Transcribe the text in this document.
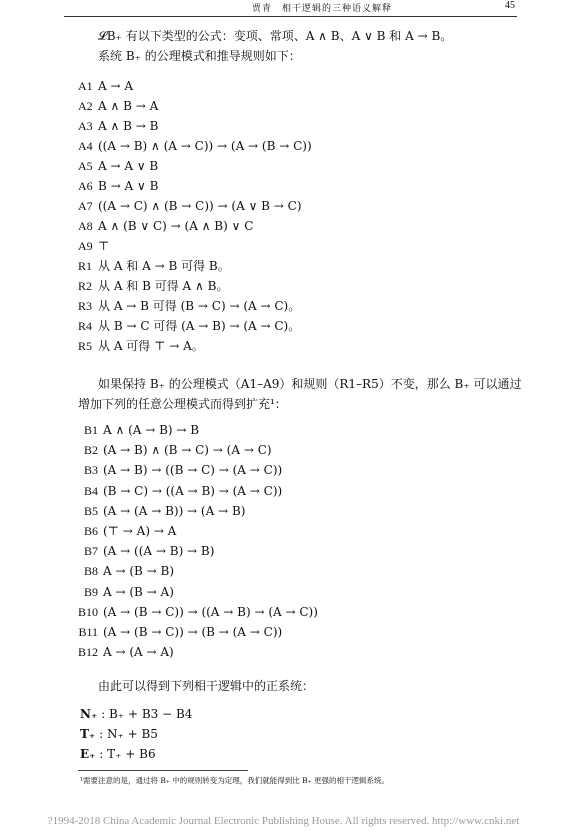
贾青　相干逻辑的三种语义解释	45
𝓛B₊ 有以下类型的公式：变项、常项、A ∧ B、A ∨ B 和 A → B。
系统 B₊ 的公理模式和推导规则如下：
A1 A → A
A2 A ∧ B → A
A3 A ∧ B → B
A4 ((A → B) ∧ (A → C)) → (A → (B → C))
A5 A → A ∨ B
A6 B → A ∨ B
A7 ((A → C) ∧ (B → C)) → (A ∨ B → C)
A8 A ∧ (B ∨ C) → (A ∧ B) ∨ C
A9 ⊤
R1 从 A 和 A → B 可得 B。
R2 从 A 和 B 可得 A ∧ B。
R3 从 A → B 可得 (B → C) → (A → C)。
R4 从 B → C 可得 (A → B) → (A → C)。
R5 从 A 可得 ⊤ → A。
如果保持 B₊ 的公理模式（A1–A9）和规则（R1–R5）不变，那么 B₊ 可以通过增加下列的任意公理模式而得到扩充¹：
B1 A ∧ (A → B) → B
B2 (A → B) ∧ (B → C) → (A → C)
B3 (A → B) → ((B → C) → (A → C))
B4 (B → C) → ((A → B) → (A → C))
B5 (A → (A → B)) → (A → B)
B6 (⊤ → A) → A
B7 (A → ((A → B) → B)
B8 A → (B → B)
B9 A → (B → A)
B10 (A → (B → C)) → ((A → B) → (A → C))
B11 (A → (B → C)) → (B → (A → C))
B12 A → (A → A)
由此可以得到下列相干逻辑中的正系统：
N₊ : B₊ + B3 − B4
T₊ : N₊ + B5
E₊ : T₊ + B6
¹需要注意的是，通过将 B₊ 中的规则转变为定理，我们就能得到比 B₊ 更强的相干逻辑系统。
?1994-2018 China Academic Journal Electronic Publishing House. All rights reserved. http://www.cnki.net
